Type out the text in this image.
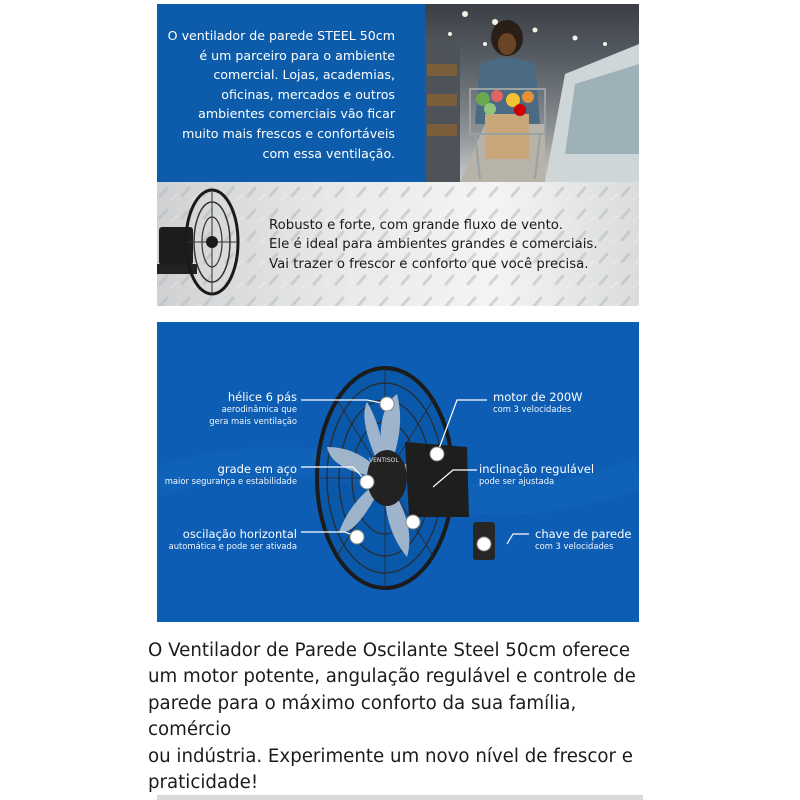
O ventilador de parede STEEL 50cm
é um parceiro para o ambiente
comercial. Lojas, academias,
oficinas, mercados e outros
ambientes comerciais vão ficar
muito mais frescos e confortáveis
com essa ventilação.
Robusto e forte, com grande fluxo de vento.
Ele é ideal para ambientes grandes e comerciais.
Vai trazer o frescor e conforto que você precisa.
VENTISOL
hélice 6 pás
aerodinâmica que
gera mais ventilação
grade em aço
maior segurança e estabilidade
oscilação horizontal
automática e pode ser ativada
motor de 200W
com 3 velocidades
inclinação regulável
pode ser ajustada
chave de parede
com 3 velocidades
O Ventilador de Parede Oscilante Steel 50cm oferece
um motor potente, angulação regulável e controle de
parede para o máximo conforto da sua família, comércio
ou indústria. Experimente um novo nível de frescor e
praticidade!
